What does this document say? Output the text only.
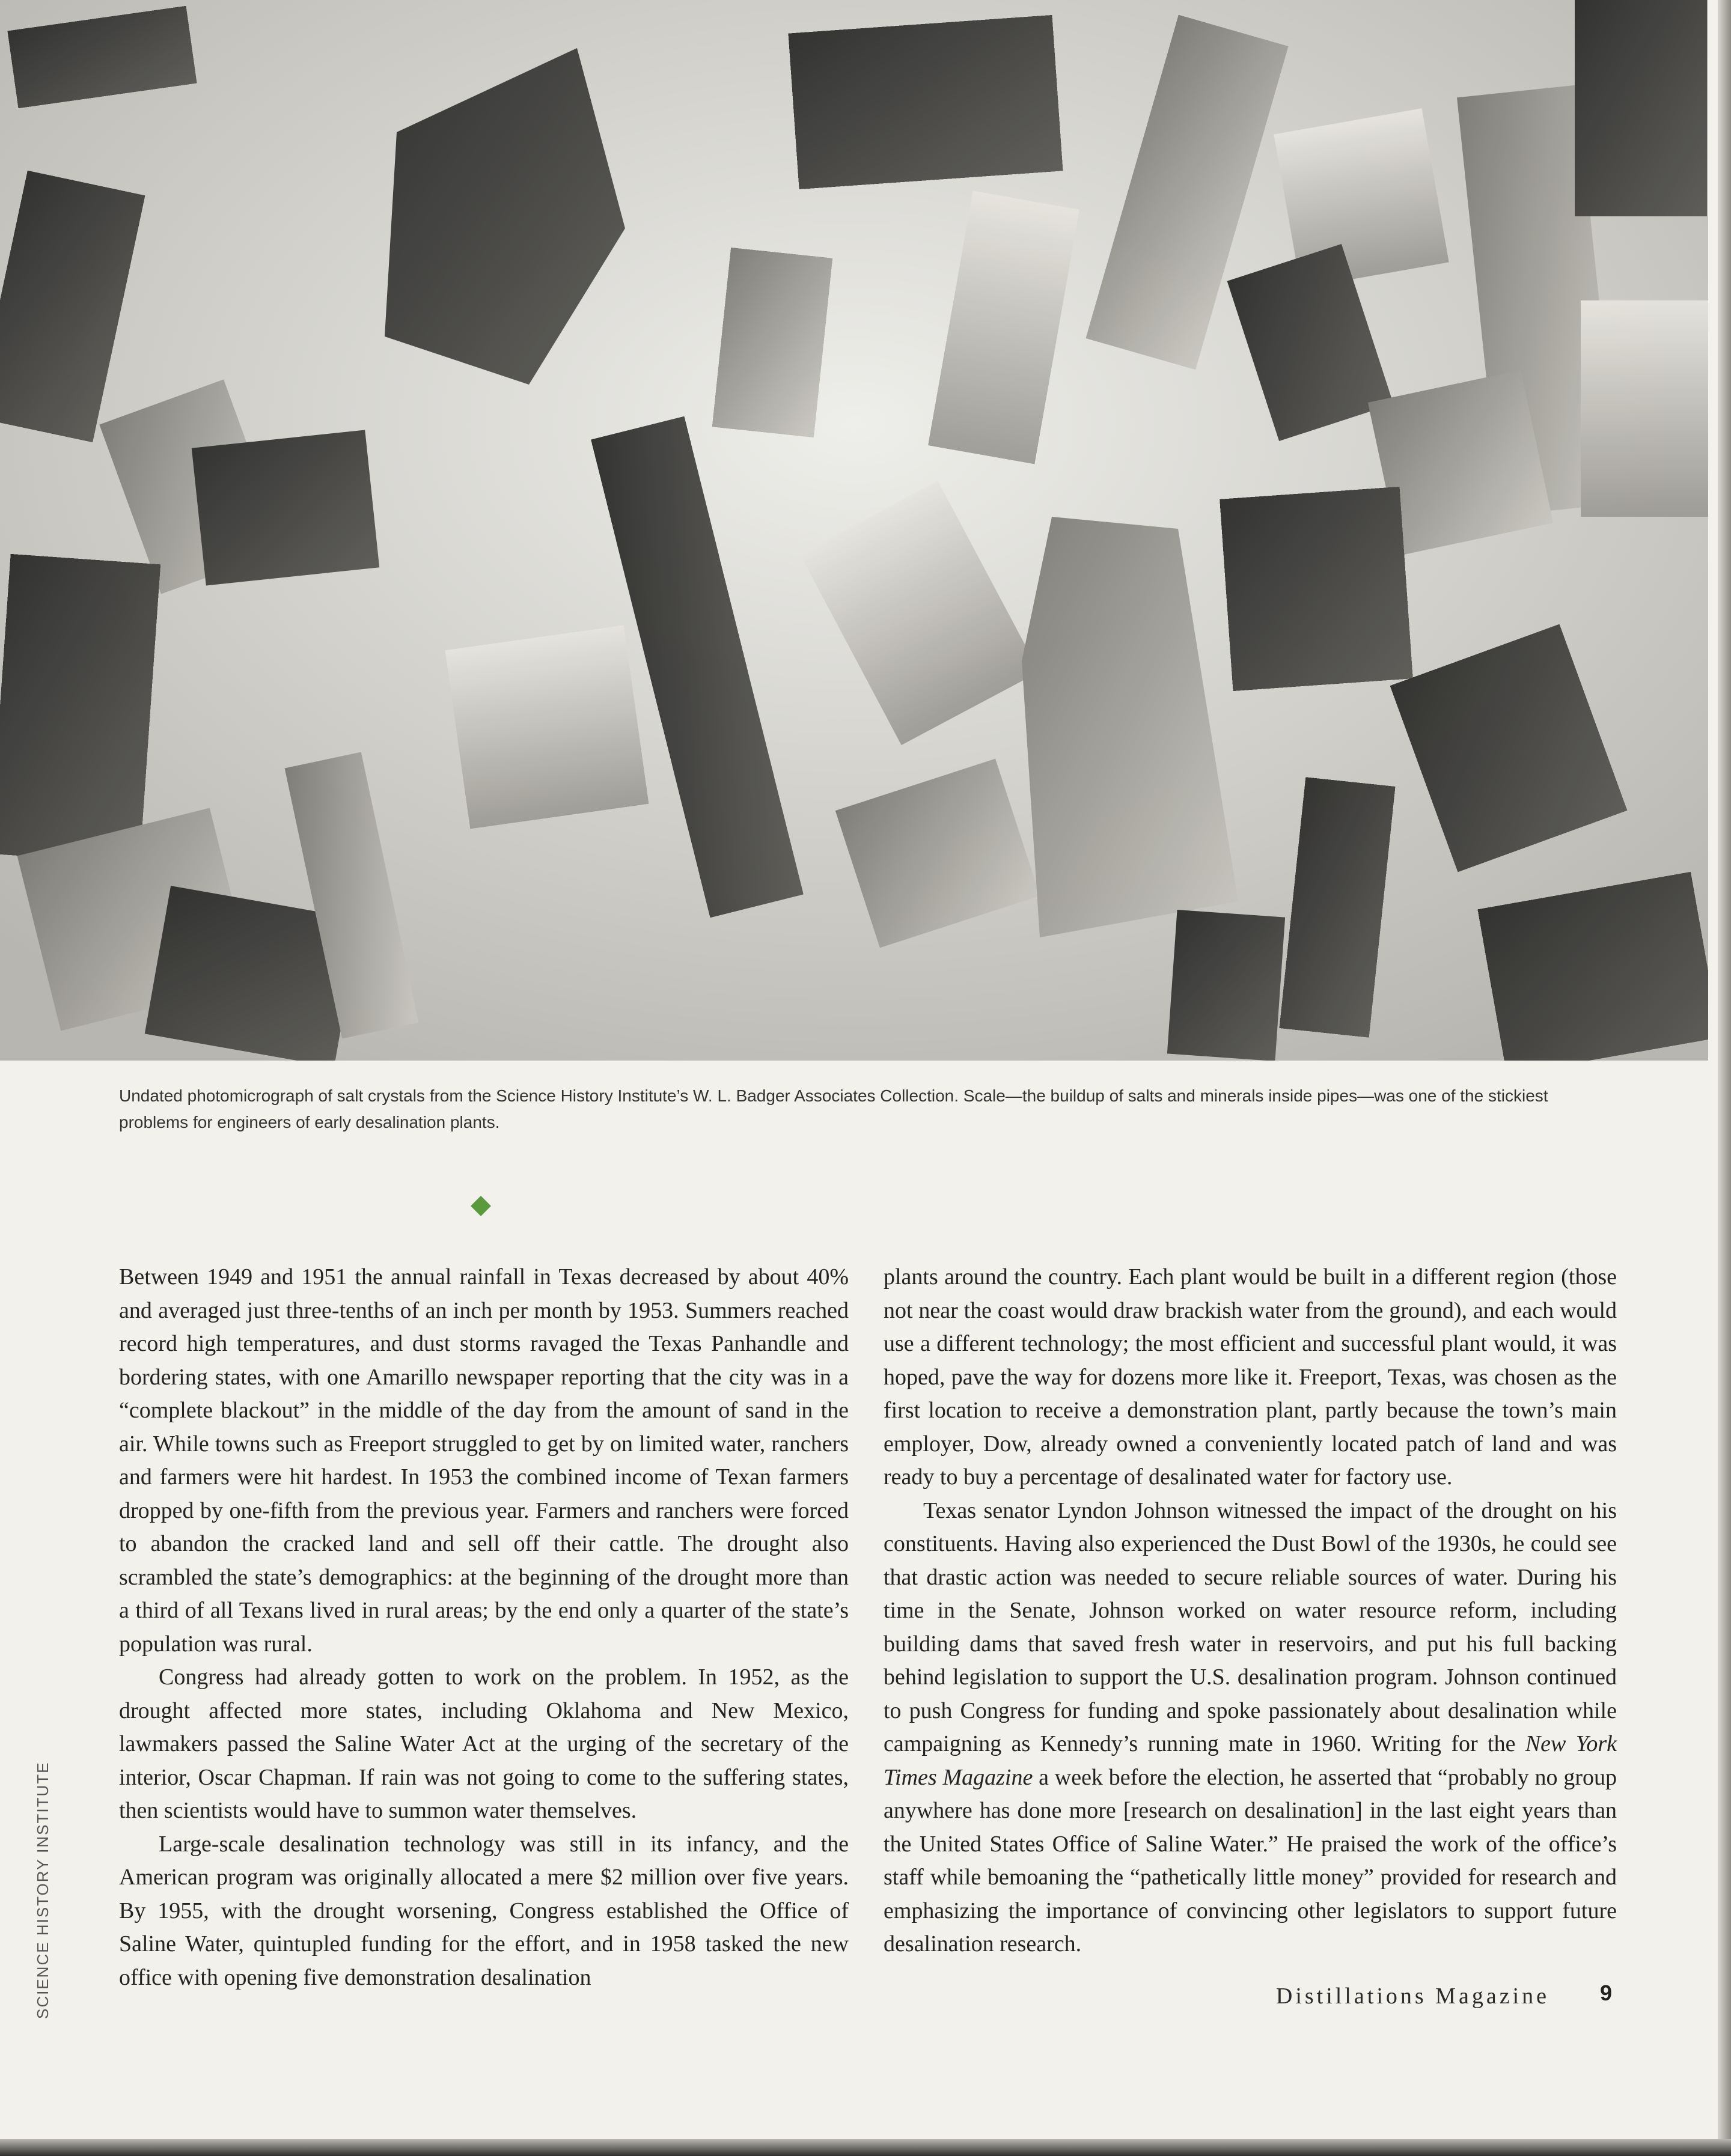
Undated photomicrograph of salt crystals from the Science History Institute’s W. L. Badger Associates Collection. Scale—the buildup of salts and minerals inside pipes—was one of the stickiest problems for engineers of early desalination plants.

Between 1949 and 1951 the annual rainfall in Texas decreased by about 40% and averaged just three-tenths of an inch per month by 1953. Summers reached record high temperatures, and dust storms ravaged the Texas Panhandle and bordering states, with one Amarillo newspaper reporting that the city was in a “complete blackout” in the middle of the day from the amount of sand in the air. While towns such as Freeport struggled to get by on limited water, ranchers and farmers were hit hardest. In 1953 the combined income of Texan farmers dropped by one-fifth from the previous year. Farmers and ranchers were forced to abandon the cracked land and sell off their cattle. The drought also scrambled the state’s demographics: at the beginning of the drought more than a third of all Texans lived in rural areas; by the end only a quarter of the state’s population was rural.

Congress had already gotten to work on the problem. In 1952, as the drought affected more states, including Oklahoma and New Mexico, lawmakers passed the Saline Water Act at the urging of the secretary of the interior, Oscar Chapman. If rain was not going to come to the suffering states, then scientists would have to summon water themselves.

Large-scale desalination technology was still in its infancy, and the American program was originally allocated a mere $2 million over five years. By 1955, with the drought worsening, Congress established the Office of Saline Water, quintupled funding for the effort, and in 1958 tasked the new office with opening five demonstration desalination

plants around the country. Each plant would be built in a different region (those not near the coast would draw brackish water from the ground), and each would use a different technology; the most efficient and successful plant would, it was hoped, pave the way for dozens more like it. Freeport, Texas, was chosen as the first location to receive a demonstration plant, partly because the town’s main employer, Dow, already owned a conveniently located patch of land and was ready to buy a percentage of desalinated water for factory use.

Texas senator Lyndon Johnson witnessed the impact of the drought on his constituents. Having also experienced the Dust Bowl of the 1930s, he could see that drastic action was needed to secure reliable sources of water. During his time in the Senate, Johnson worked on water resource reform, including building dams that saved fresh water in reservoirs, and put his full backing behind legislation to support the U.S. desalination program. Johnson continued to push Congress for funding and spoke passionately about desalination while campaigning as Kennedy’s running mate in 1960. Writing for the New York Times Magazine a week before the election, he asserted that “probably no group anywhere has done more [research on desalination] in the last eight years than the United States Office of Saline Water.” He praised the work of the office’s staff while bemoaning the “pathetically little money” provided for research and emphasizing the importance of convincing other legislators to support future desalination research.

SCIENCE HISTORY INSTITUTE	Distillations Magazine 9
